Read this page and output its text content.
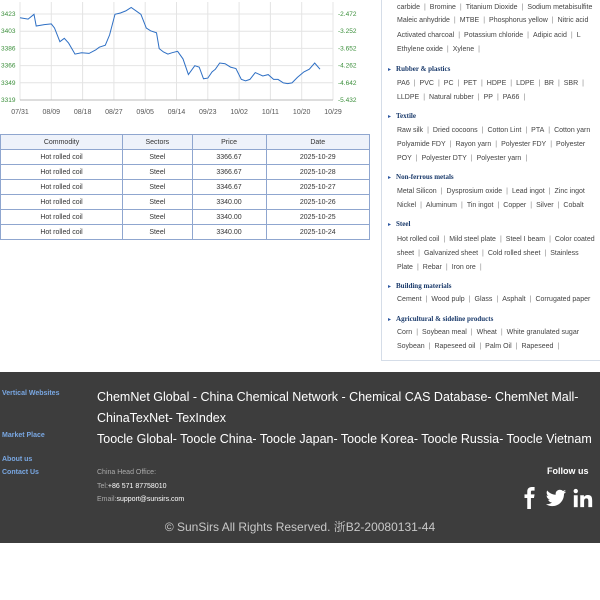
07/31 08/09 08/18 08/27 09/05 09/14 09/23 10/02 10/11 10/20 10/29
3423
3403
3386
3366
3349
3319
-2.472
-3.252
-3.652
-4.262
-4.642
-5.432
Commodity	Sectors	Price	Date
Hot rolled coil	Steel	3366.67	2025-10-29
Hot rolled coil	Steel	3366.67	2025-10-28
Hot rolled coil	Steel	3346.67	2025-10-27
Hot rolled coil	Steel	3340.00	2025-10-26
Hot rolled coil	Steel	3340.00	2025-10-25
Hot rolled coil	Steel	3340.00	2025-10-24
carbide | Bromine | Titanium Dioxide | Sodium metabisulfite
Maleic anhydride | MTBE | Phosphorus yellow | Nitric acid
Activated charcoal | Potassium chloride | Adipic acid | L
Ethylene oxide | Xylene |
▸ Rubber & plastics
PA6 | PVC | PC | PET | HDPE | LDPE | BR | SBR |
LLDPE | Natural rubber | PP | PA66 |
▸ Textile
Raw silk | Dried cocoons | Cotton Lint | PTA | Cotton yarn
Polyamide FDY | Rayon yarn | Polyester FDY | Polyester
POY | Polyester DTY | Polyester yarn |
▸ Non-ferrous metals
Metal Silicon | Dysprosium oxide | Lead ingot | Zinc ingot
Nickel | Aluminum | Tin ingot | Copper | Silver | Cobalt
▸ Steel
Hot rolled coil | Mild steel plate | Steel I beam | Color coated
sheet | Galvanized sheet | Cold rolled sheet | Stainless
Plate | Rebar | Iron ore |
▸ Building materials
Cement | Wood pulp | Glass | Asphalt | Corrugated paper
▸ Agricultural & sideline products
Corn | Soybean meal | Wheat | White granulated sugar
Soybean | Rapeseed oil | Palm Oil | Rapeseed |
Vertical Websites	ChemNet Global - China Chemical Network - Chemical CAS Database- ChemNet Mall-
ChinaTexNet- TexIndex
Market Place	Toocle Global- Toocle China- Toocle Japan- Toocle Korea- Toocle Russia- Toocle Vietnam
About us
Contact Us	China Head Office:
Tel:+86 571 87758010
Email:support@sunsirs.com
Follow us
© SunSirs All Rights Reserved. 浙B2-20080131-44
